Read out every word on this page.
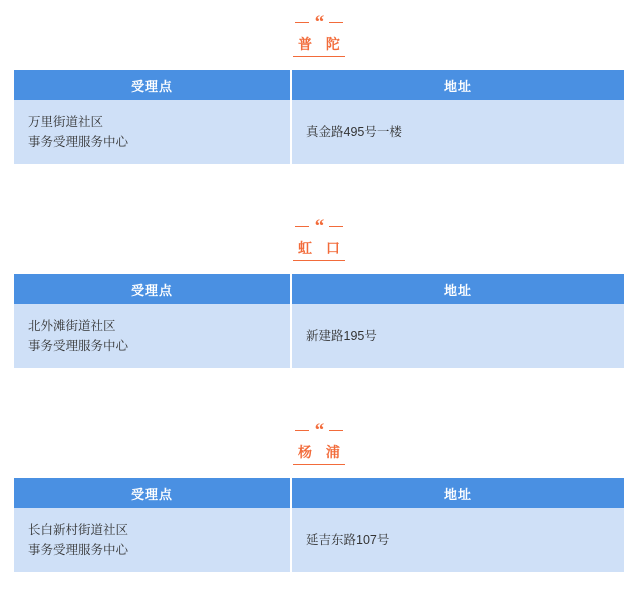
“
普 陀
受理点	地址

万里街道社区
事务受理服务中心	真金路495号一楼
“
虹 口
受理点	地址

北外滩街道社区
事务受理服务中心	新建路195号
“
杨 浦
受理点	地址

长白新村街道社区
事务受理服务中心	延吉东路107号
